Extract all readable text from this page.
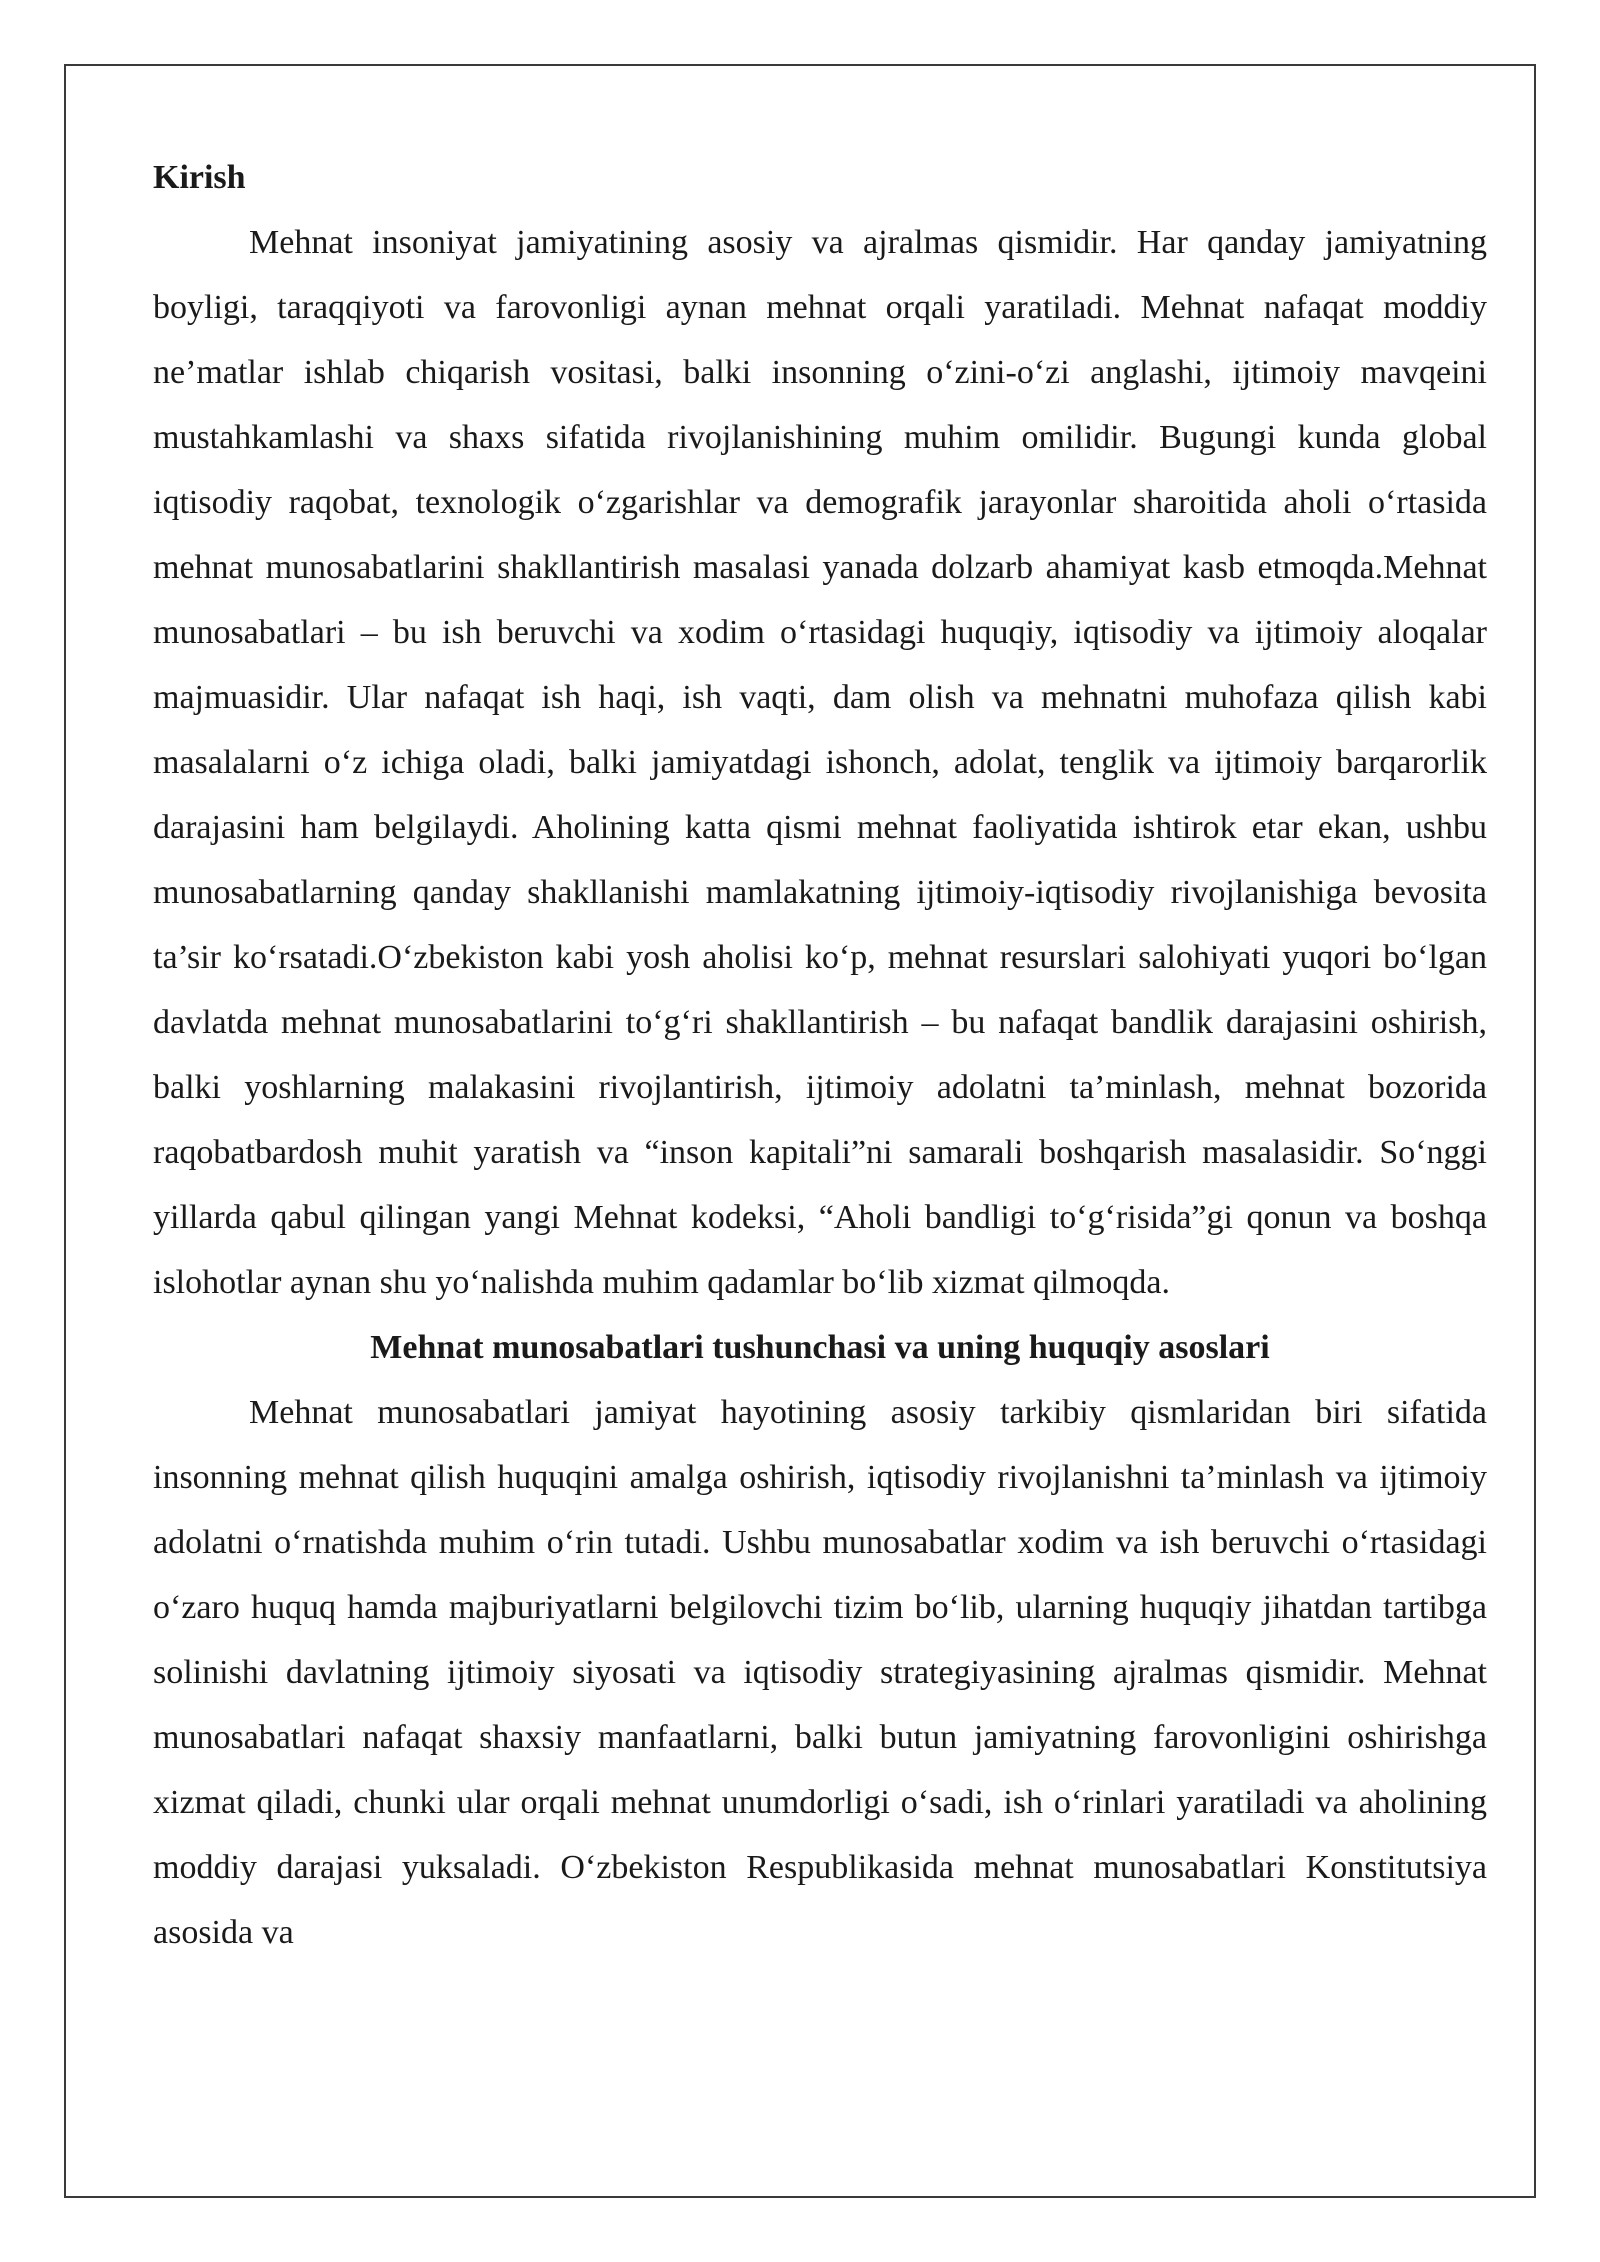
Kirish

Mehnat insoniyat jamiyatining asosiy va ajralmas qismidir. Har qanday jamiyatning boyligi, taraqqiyoti va farovonligi aynan mehnat orqali yaratiladi. Mehnat nafaqat moddiy ne’matlar ishlab chiqarish vositasi, balki insonning o‘zini-o‘zi anglashi, ijtimoiy mavqeini mustahkamlashi va shaxs sifatida rivojlanishining muhim omilidir. Bugungi kunda global iqtisodiy raqobat, texnologik o‘zgarishlar va demografik jarayonlar sharoitida aholi o‘rtasida mehnat munosabatlarini shakllantirish masalasi yanada dolzarb ahamiyat kasb etmoqda.Mehnat munosabatlari – bu ish beruvchi va xodim o‘rtasidagi huquqiy, iqtisodiy va ijtimoiy aloqalar majmuasidir. Ular nafaqat ish haqi, ish vaqti, dam olish va mehnatni muhofaza qilish kabi masalalarni o‘z ichiga oladi, balki jamiyatdagi ishonch, adolat, tenglik va ijtimoiy barqarorlik darajasini ham belgilaydi. Aholining katta qismi mehnat faoliyatida ishtirok etar ekan, ushbu munosabatlarning qanday shakllanishi mamlakatning ijtimoiy-iqtisodiy rivojlanishiga bevosita ta’sir ko‘rsatadi.O‘zbekiston kabi yosh aholisi ko‘p, mehnat resurslari salohiyati yuqori bo‘lgan davlatda mehnat munosabatlarini to‘g‘ri shakllantirish – bu nafaqat bandlik darajasini oshirish, balki yoshlarning malakasini rivojlantirish, ijtimoiy adolatni ta’minlash, mehnat bozorida raqobatbardosh muhit yaratish va “inson kapitali”ni samarali boshqarish masalasidir. So‘nggi yillarda qabul qilingan yangi Mehnat kodeksi, “Aholi bandligi to‘g‘risida”gi qonun va boshqa islohotlar aynan shu yo‘nalishda muhim qadamlar bo‘lib xizmat qilmoqda.

Mehnat munosabatlari tushunchasi va uning huquqiy asoslari

Mehnat munosabatlari jamiyat hayotining asosiy tarkibiy qismlaridan biri sifatida insonning mehnat qilish huquqini amalga oshirish, iqtisodiy rivojlanishni ta’minlash va ijtimoiy adolatni o‘rnatishda muhim o‘rin tutadi. Ushbu munosabatlar xodim va ish beruvchi o‘rtasidagi o‘zaro huquq hamda majburiyatlarni belgilovchi tizim bo‘lib, ularning huquqiy jihatdan tartibga solinishi davlatning ijtimoiy siyosati va iqtisodiy strategiyasining ajralmas qismidir. Mehnat munosabatlari nafaqat shaxsiy manfaatlarni, balki butun jamiyatning farovonligini oshirishga xizmat qiladi, chunki ular orqali mehnat unumdorligi o‘sadi, ish o‘rinlari yaratiladi va aholining moddiy darajasi yuksaladi. O‘zbekiston Respublikasida mehnat munosabatlari Konstitutsiya asosida va
